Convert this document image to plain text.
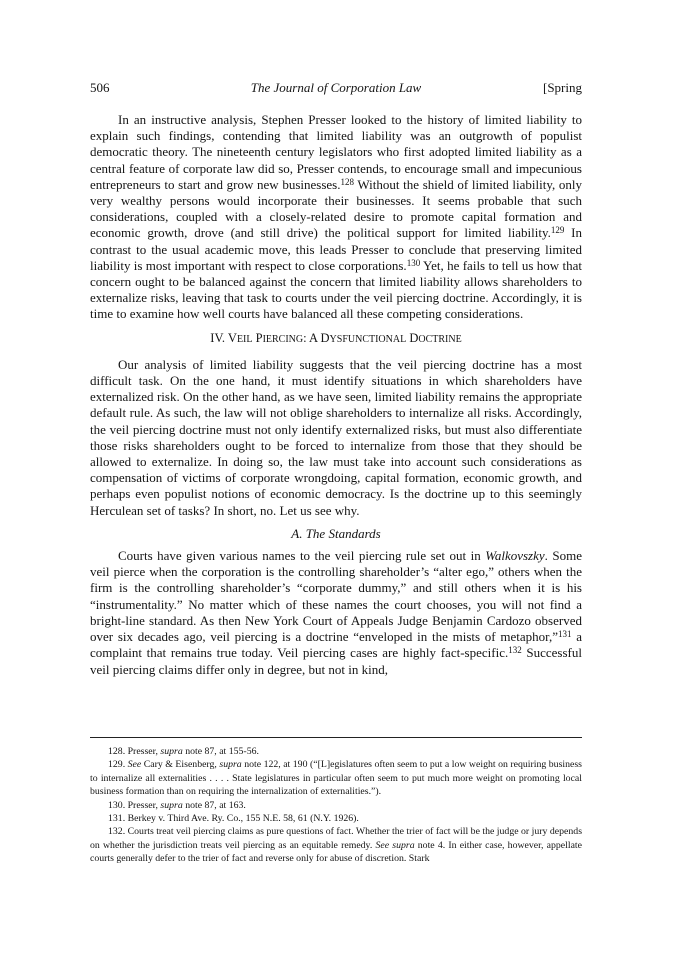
506	The Journal of Corporation Law	[Spring

In an instructive analysis, Stephen Presser looked to the history of limited liability to explain such findings, contending that limited liability was an outgrowth of populist democratic theory. The nineteenth century legislators who first adopted limited liability as a central feature of corporate law did so, Presser contends, to encourage small and impecunious entrepreneurs to start and grow new businesses.$^{128}$ Without the shield of limited liability, only very wealthy persons would incorporate their businesses. It seems probable that such considerations, coupled with a closely-related desire to promote capital formation and economic growth, drove (and still drive) the political support for limited liability.$^{129}$ In contrast to the usual academic move, this leads Presser to conclude that preserving limited liability is most important with respect to close corporations.$^{130}$ Yet, he fails to tell us how that concern ought to be balanced against the concern that limited liability allows shareholders to externalize risks, leaving that task to courts under the veil piercing doctrine. Accordingly, it is time to examine how well courts have balanced all these competing considerations.

IV. VEIL PIERCING: A DYSFUNCTIONAL DOCTRINE

Our analysis of limited liability suggests that the veil piercing doctrine has a most difficult task. On the one hand, it must identify situations in which shareholders have externalized risk. On the other hand, as we have seen, limited liability remains the appropriate default rule. As such, the law will not oblige shareholders to internalize all risks. Accordingly, the veil piercing doctrine must not only identify externalized risks, but must also differentiate those risks shareholders ought to be forced to internalize from those that they should be allowed to externalize. In doing so, the law must take into account such considerations as compensation of victims of corporate wrongdoing, capital formation, economic growth, and perhaps even populist notions of economic democracy. Is the doctrine up to this seemingly Herculean set of tasks? In short, no. Let us see why.

A. The Standards

Courts have given various names to the veil piercing rule set out in Walkovszky. Some veil pierce when the corporation is the controlling shareholder’s “alter ego,” others when the firm is the controlling shareholder’s “corporate dummy,” and still others when it is his “instrumentality.” No matter which of these names the court chooses, you will not find a bright-line standard. As then New York Court of Appeals Judge Benjamin Cardozo observed over six decades ago, veil piercing is a doctrine “enveloped in the mists of metaphor,”$^{131}$ a complaint that remains true today. Veil piercing cases are highly fact-specific.$^{132}$ Successful veil piercing claims differ only in degree, but not in kind,

128. Presser, supra note 87, at 155-56.

129. See Cary & Eisenberg, supra note 122, at 190 (“[L]egislatures often seem to put a low weight on requiring business to internalize all externalities . . . . State legislatures in particular often seem to put much more weight on promoting local business formation than on requiring the internalization of externalities.”).

130. Presser, supra note 87, at 163.

131. Berkey v. Third Ave. Ry. Co., 155 N.E. 58, 61 (N.Y. 1926).

132. Courts treat veil piercing claims as pure questions of fact. Whether the trier of fact will be the judge or jury depends on whether the jurisdiction treats veil piercing as an equitable remedy. See supra note 4. In either case, however, appellate courts generally defer to the trier of fact and reverse only for abuse of discretion. Stark
